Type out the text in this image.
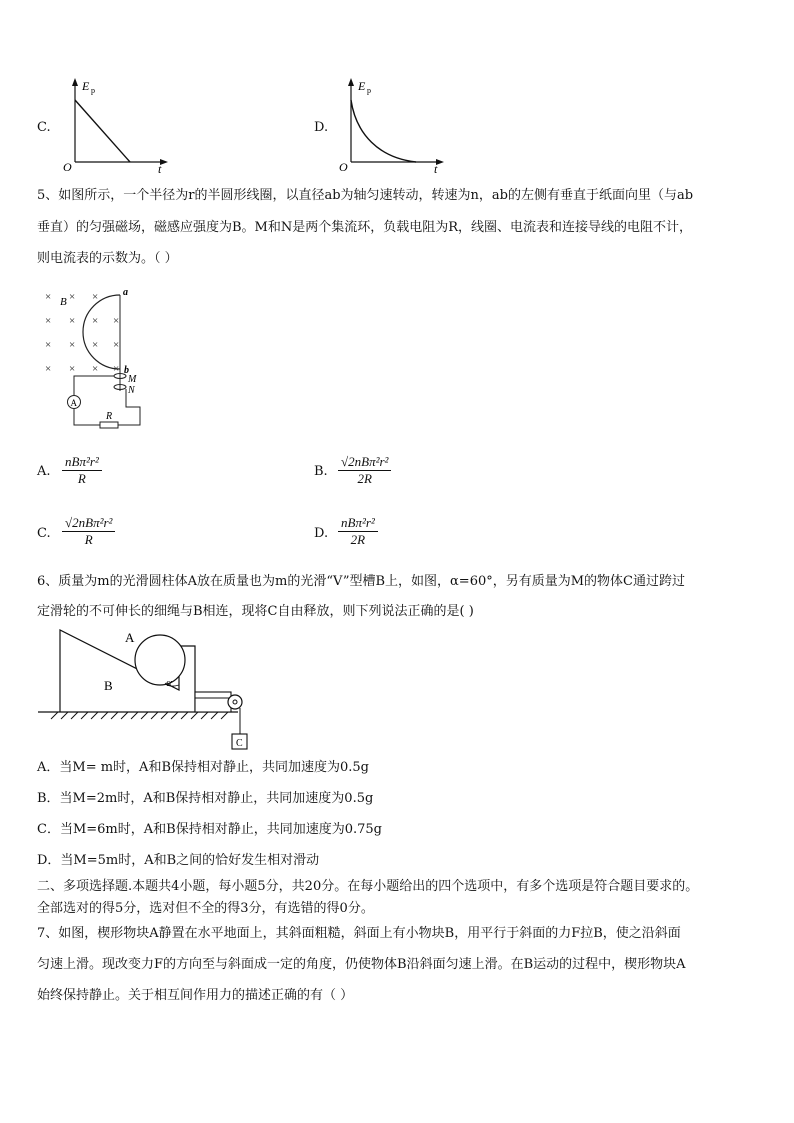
C.
E p
t
O
D.
E p
t
O
5、如图所示，一个半径为r的半圆形线圈，以直径ab为轴匀速转动，转速为n，ab的左侧有垂直于纸面向里（与ab
垂直）的匀强磁场，磁感应强度为B。M和N是两个集流环，负载电阻为R，线圈、电流表和连接导线的电阻不计，
则电流表的示数为。（ ）
× × ×
× × × ×
× × × ×
× × × ×
B
a
b
M
N
A
R
A.
nBπ²r²
R	B.
√2nBπ²r²
2R
C.
√2nBπ²r²
R	D.
nBπ²r²
2R
6、质量为m的光滑圆柱体A放在质量也为m的光滑“V”型槽B上，如图，α=60°，另有质量为M的物体C通过跨过
定滑轮的不可伸长的细绳与B相连，现将C自由释放，则下列说法正确的是( )
C
A
B	α
A．当M= m时，A和B保持相对静止，共同加速度为0.5g
B．当M=2m时，A和B保持相对静止，共同加速度为0.5g
C．当M=6m时，A和B保持相对静止，共同加速度为0.75g
D．当M=5m时，A和B之间的恰好发生相对滑动
二、多项选择题.本题共4小题，每小题5分，共20分。在每小题给出的四个选项中，有多个选项是符合题目要求的。
全部选对的得5分，选对但不全的得3分，有选错的得0分。
7、如图，楔形物块A静置在水平地面上，其斜面粗糙，斜面上有小物块B，用平行于斜面的力F拉B，使之沿斜面
匀速上滑。现改变力F的方向至与斜面成一定的角度，仍使物体B沿斜面匀速上滑。在B运动的过程中，楔形物块A
始终保持静止。关于相互间作用力的描述正确的有（ ）
